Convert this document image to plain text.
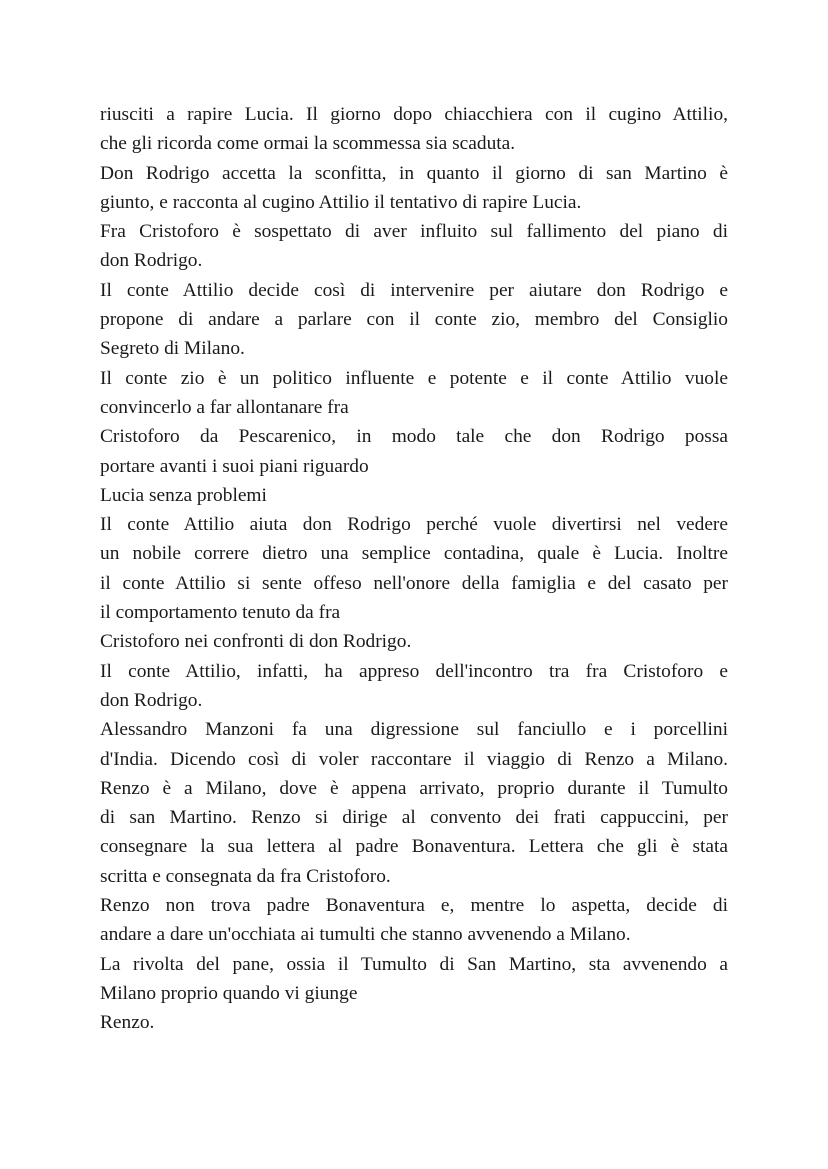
riusciti a rapire Lucia. Il giorno dopo chiacchiera con il cugino Attilio,
che gli ricorda come ormai la scommessa sia scaduta.
Don Rodrigo accetta la sconfitta, in quanto il giorno di san Martino è
giunto, e racconta al cugino Attilio il tentativo di rapire Lucia.
Fra Cristoforo è sospettato di aver influito sul fallimento del piano di
don Rodrigo.
Il conte Attilio decide così di intervenire per aiutare don Rodrigo e
propone di andare a parlare con il conte zio, membro del Consiglio
Segreto di Milano.
Il conte zio è un politico influente e potente e il conte Attilio vuole
convincerlo a far allontanare fra
Cristoforo da Pescarenico, in modo tale che don Rodrigo possa
portare avanti i suoi piani riguardo
Lucia senza problemi
Il conte Attilio aiuta don Rodrigo perché vuole divertirsi nel vedere
un nobile correre dietro una semplice contadina, quale è Lucia. Inoltre
il conte Attilio si sente offeso nell'onore della famiglia e del casato per
il comportamento tenuto da fra
Cristoforo nei confronti di don Rodrigo.
Il conte Attilio, infatti, ha appreso dell'incontro tra fra Cristoforo e
don Rodrigo.
Alessandro Manzoni fa una digressione sul fanciullo e i porcellini
d'India. Dicendo così di voler raccontare il viaggio di Renzo a Milano.
Renzo è a Milano, dove è appena arrivato, proprio durante il Tumulto
di san Martino. Renzo si dirige al convento dei frati cappuccini, per
consegnare la sua lettera al padre Bonaventura. Lettera che gli è stata
scritta e consegnata da fra Cristoforo.
Renzo non trova padre Bonaventura e, mentre lo aspetta, decide di
andare a dare un'occhiata ai tumulti che stanno avvenendo a Milano.
La rivolta del pane, ossia il Tumulto di San Martino, sta avvenendo a
Milano proprio quando vi giunge
Renzo.
